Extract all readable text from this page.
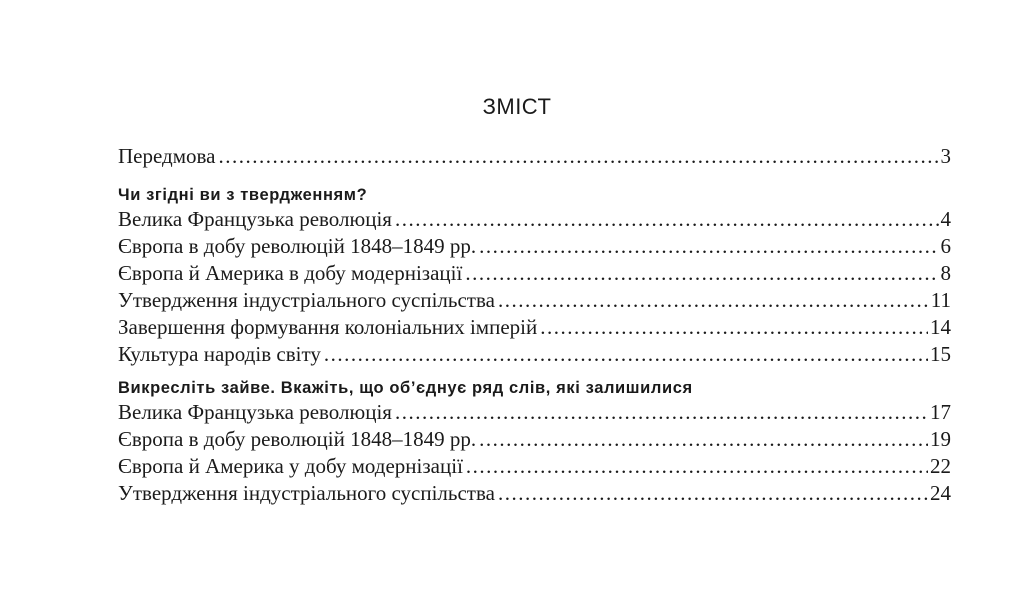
ЗМІСТ
Передмова .....	3
Чи згідні ви з твердженням?
Велика Французька революція .....	4
Європа в добу революцій 1848–1849 рр. .....	6
Європа й Америка в добу модернізації .....	8
Утвердження індустріального суспільства .....	11
Завершення формування колоніальних імперій .....	14
Культура народів світу .....	15
Викресліть зайве. Вкажіть, що об’єднує ряд слів, які залишилися
Велика Французька революція .....	17
Європа в добу революцій 1848–1849 рр. .....	19
Європа й Америка у добу модернізації .....	22
Утвердження індустріального суспільства .....	24
